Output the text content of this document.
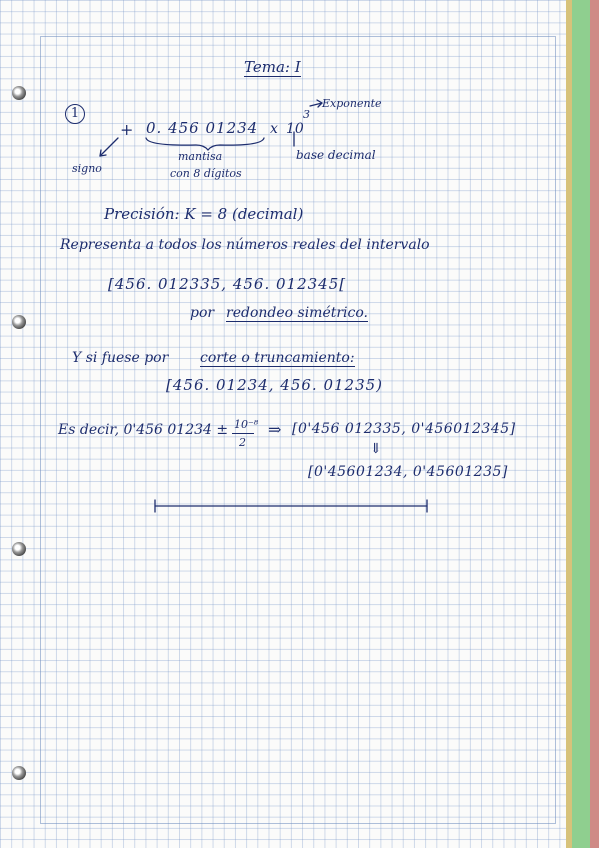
Tema: I
1
+ 0. 456 01234 x 10
3
Exponente
signo
mantisa
con 8 dígitos
base decimal
Precisión: K = 8 (decimal)
Representa a todos los números reales del intervalo
[456. 012335, 456. 012345[
por redondeo simétrico.
Y si fuese por corte o truncamiento:
[456. 01234, 456. 01235)
Es decir, 0'456 01234 ± 10⁻⁸
2
⇒ [0'456 012335, 0'456012345]
⇓
[0'45601234, 0'45601235]
